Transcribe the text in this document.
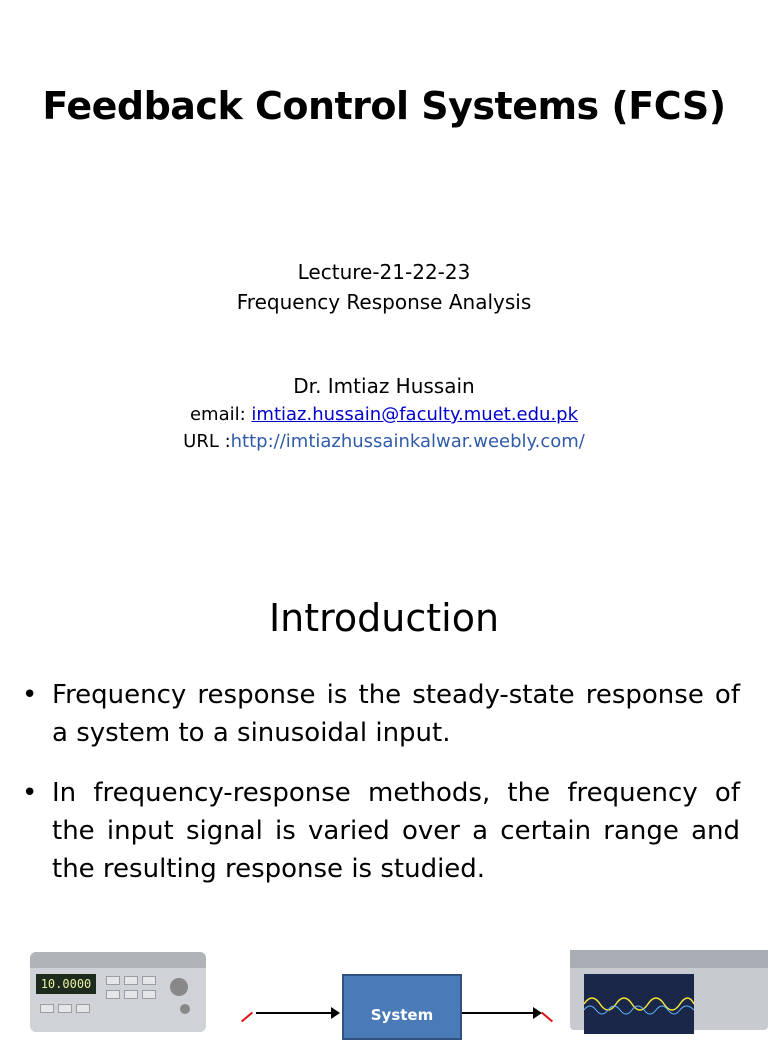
Feedback Control Systems (FCS)
Lecture-21-22-23
Frequency Response Analysis
Dr. Imtiaz Hussain
email: imtiaz.hussain@faculty.muet.edu.pk
URL :http://imtiazhussainkalwar.weebly.com/
Introduction
• Frequency response is the steady-state response of a system to a sinusoidal input.
• In frequency-response methods, the frequency of the input signal is varied over a certain range and the resulting response is studied.
10.0000
System
